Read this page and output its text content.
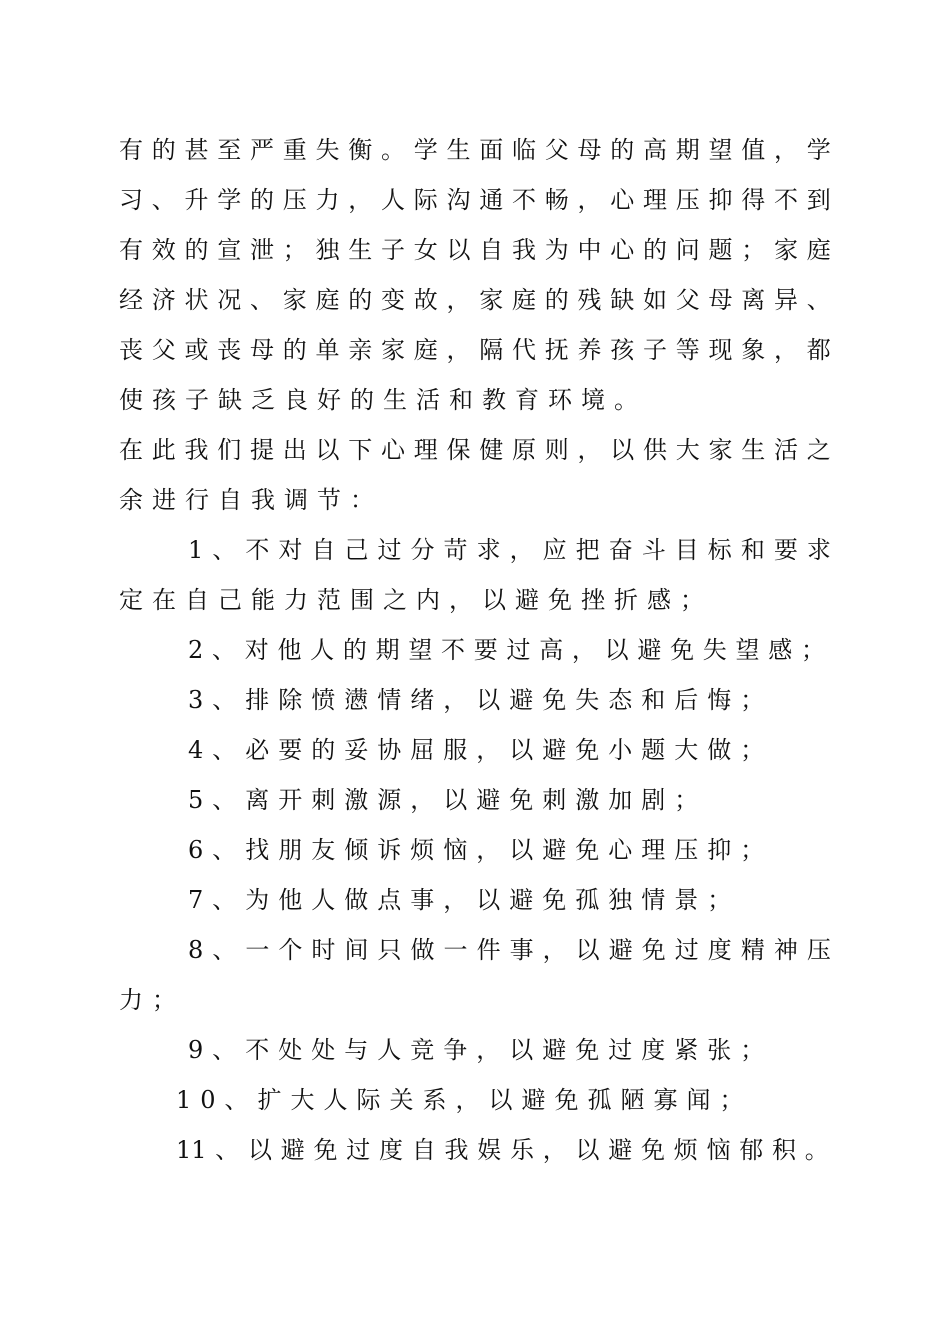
有 的 甚 至 严 重 失 衡 。 学 生 面 临 父 母 的 高 期 望 值 ， 学
习 、 升 学 的 压 力 ， 人 际 沟 通 不 畅 ， 心 理 压 抑 得 不 到
有 效 的 宣 泄 ； 独 生 子 女 以 自 我 为 中 心 的 问 题 ； 家 庭
经 济 状 况 、 家 庭 的 变 故 ， 家 庭 的 残 缺 如 父 母 离 异 、
丧 父 或 丧 母 的 单 亲 家 庭 ， 隔 代 抚 养 孩 子 等 现 象 ， 都
使孩子缺乏良好的生活和教育环境。
在 此 我 们 提 出 以 下 心 理 保 健 原 则 ， 以 供 大 家 生 活 之
余进行自我调节：
1 、 不 对 自 己 过 分 苛 求 ， 应 把 奋 斗 目 标 和 要 求
定在自己能力范围之内，以避免挫折感；
2 、 对 他 人 的 期 望 不 要 过 高 ， 以 避 免 失 望 感 ；
3、排除愤懑情绪，以避免失态和后悔；
4、必要的妥协屈服，以避免小题大做；
5、离开刺激源，以避免刺激加剧；
6、找朋友倾诉烦恼，以避免心理压抑；
7、为他人做点事，以避免孤独情景；
8 、 一 个 时 间 只 做 一 件 事 ， 以 避 免 过 度 精 神 压
力；
9、不处处与人竞争，以避免过度紧张；
10、扩大人际关系，以避免孤陋寡闻；
11 、 以 避 免 过 度 自 我 娱 乐 ， 以 避 免 烦 恼 郁 积 。
